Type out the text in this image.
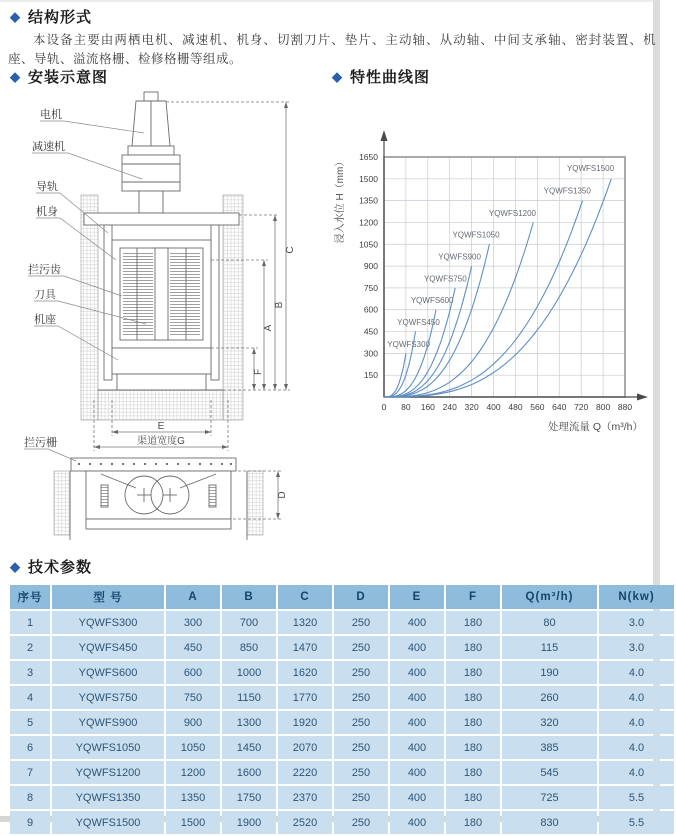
◆ 结构形式
本设备主要由两栖电机、减速机、机身、切割刀片、垫片、主动轴、从动轴、中间支承轴、密封装置、机座、导轨、溢流格栅、检修格栅等组成。
◆ 安装示意图	◆ 特性曲线图
C
B
A
F
E
渠道宽度G
D
电机
减速机
导轨
机身
拦污齿
刀具
机座
拦污栅
0 80 160 240 320 400 480 560 640 720 800 880
150
300
450
600
750
900
1050
1200
1350
1500
1650
处理流量 Q（m³/h）
浸入水位 H（mm）
YQWFS300
YQWFS450
YQWFS600
YQWFS750
YQWFS900
YQWFS1050
YQWFS1200
YQWFS1350
YQWFS1500
◆ 技术参数
序号	型 号	A	B	C	D	E	F	Q(m³/h)	N(kw)
1	YQWFS300	300	700	1320	250	400	180	80	3.0
2	YQWFS450	450	850	1470	250	400	180	115	3.0
3	YQWFS600	600	1000	1620	250	400	180	190	4.0
4	YQWFS750	750	1150	1770	250	400	180	260	4.0
5	YQWFS900	900	1300	1920	250	400	180	320	4.0
6	YQWFS1050	1050	1450	2070	250	400	180	385	4.0
7	YQWFS1200	1200	1600	2220	250	400	180	545	4.0
8	YQWFS1350	1350	1750	2370	250	400	180	725	5.5
9	YQWFS1500	1500	1900	2520	250	400	180	830	5.5
